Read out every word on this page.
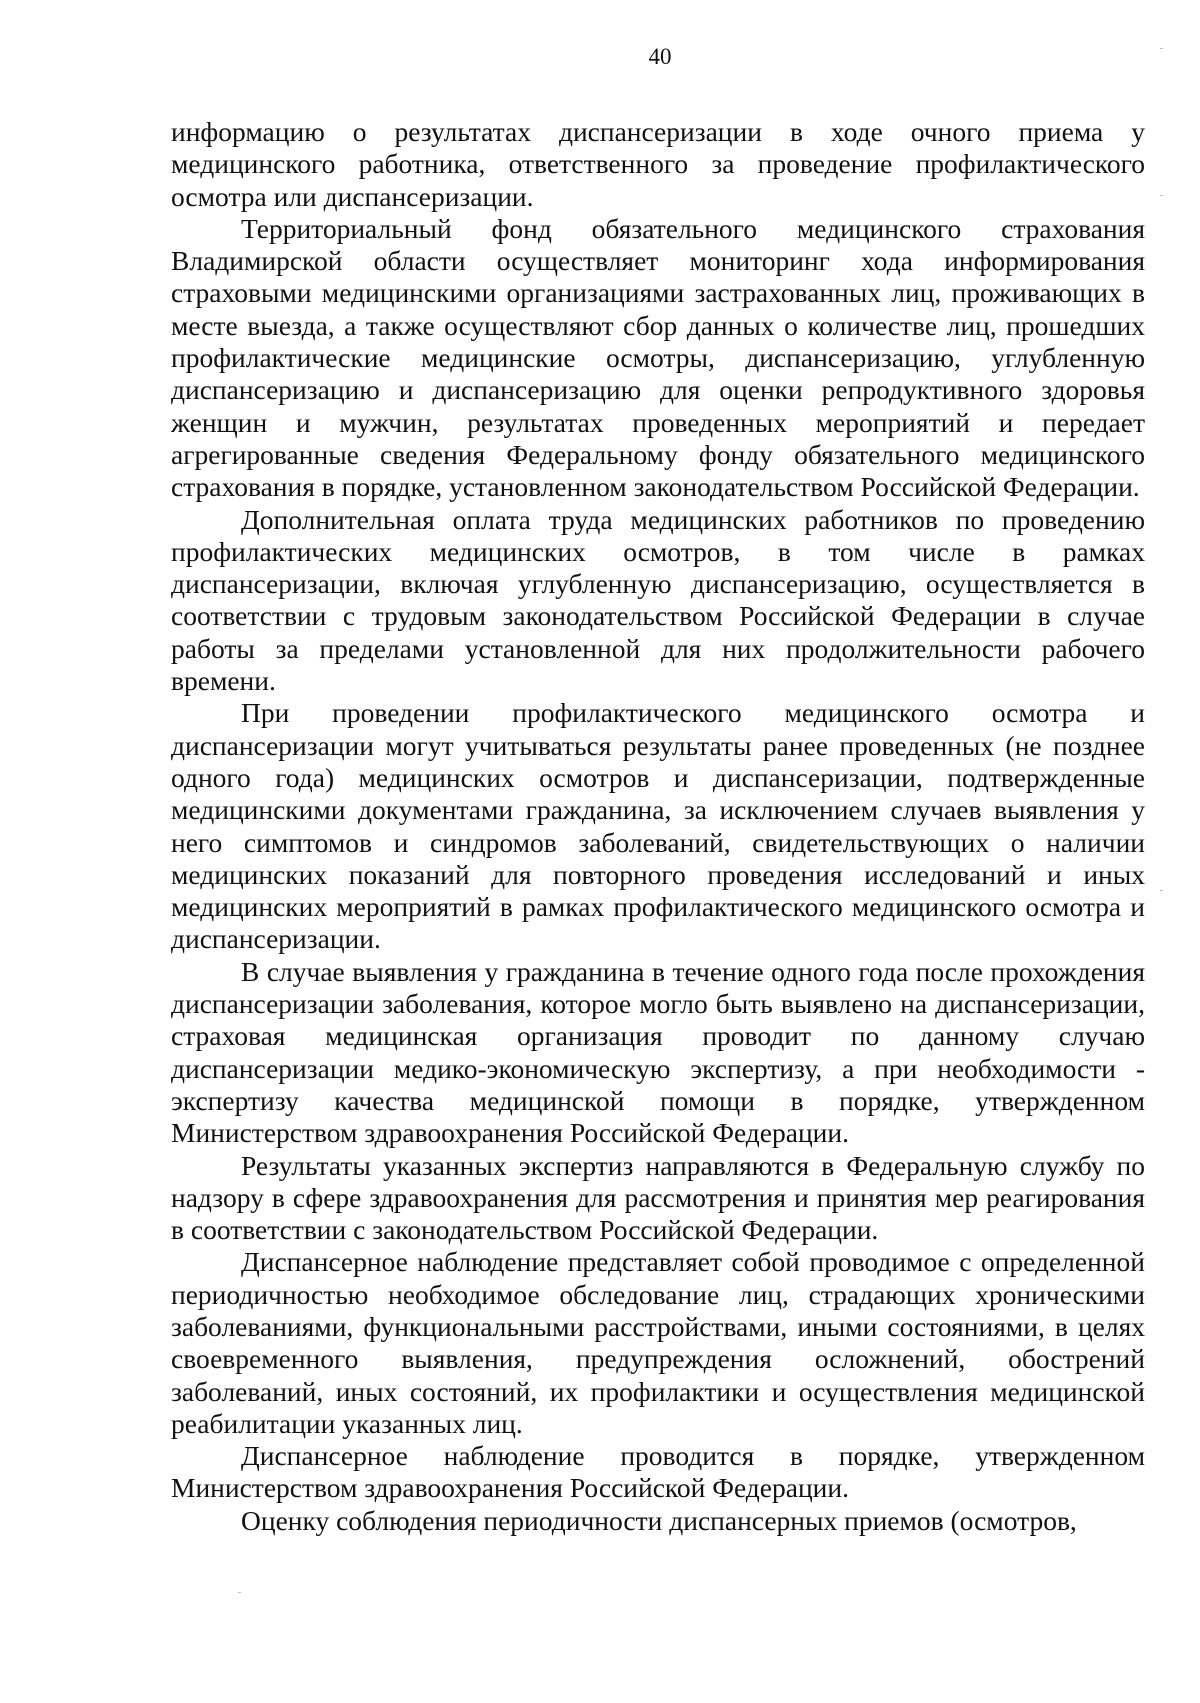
40

информацию о результатах диспансеризации в ходе очного приема у медицинского работника, ответственного за проведение профилактического осмотра или диспансеризации.

Территориальный фонд обязательного медицинского страхования Владимирской области осуществляет мониторинг хода информирования страховыми медицинскими организациями застрахованных лиц, проживающих в месте выезда, а также осуществляют сбор данных о количестве лиц, прошедших профилактические медицинские осмотры, диспансеризацию, углубленную диспансеризацию и диспансеризацию для оценки репродуктивного здоровья женщин и мужчин, результатах проведенных мероприятий и передает агрегированные сведения Федеральному фонду обязательного медицинского страхования в порядке, установленном законодательством Российской Федерации.

Дополнительная оплата труда медицинских работников по проведению профилактических медицинских осмотров, в том числе в рамках диспансеризации, включая углубленную диспансеризацию, осуществляется в соответствии с трудовым законодательством Российской Федерации в случае работы за пределами установленной для них продолжительности рабочего времени.

При проведении профилактического медицинского осмотра и диспансеризации могут учитываться результаты ранее проведенных (не позднее одного года) медицинских осмотров и диспансеризации, подтвержденные медицинскими документами гражданина, за исключением случаев выявления у него симптомов и синдромов заболеваний, свидетельствующих о наличии медицинских показаний для повторного проведения исследований и иных медицинских мероприятий в рамках профилактического медицинского осмотра и диспансеризации.

В случае выявления у гражданина в течение одного года после прохождения диспансеризации заболевания, которое могло быть выявлено на диспансеризации, страховая медицинская организация проводит по данному случаю диспансеризации медико-экономическую экспертизу, а при необходимости - экспертизу качества медицинской помощи в порядке, утвержденном Министерством здравоохранения Российской Федерации.

Результаты указанных экспертиз направляются в Федеральную службу по надзору в сфере здравоохранения для рассмотрения и принятия мер реагирования в соответствии с законодательством Российской Федерации.

Диспансерное наблюдение представляет собой проводимое с определенной периодичностью необходимое обследование лиц, страдающих хроническими заболеваниями, функциональными расстройствами, иными состояниями, в целях своевременного выявления, предупреждения осложнений, обострений заболеваний, иных состояний, их профилактики и осуществления медицинской реабилитации указанных лиц.

Диспансерное наблюдение проводится в порядке, утвержденном Министерством здравоохранения Российской Федерации.

Оценку соблюдения периодичности диспансерных приемов (осмотров,
